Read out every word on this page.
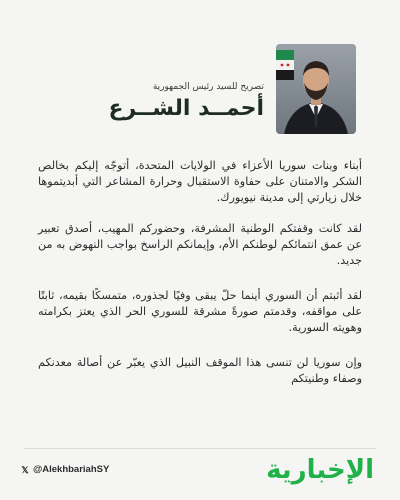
تصريح للسيد رئيس الجمهورية
أحمــد الشــرع

أبناء وبنات سوريا الأعزاء في الولايات المتحدة، أتوجّه إليكم بخالص الشكر والامتنان على حفاوة الاستقبال وحرارة المشاعر التي أبديتموها خلال زيارتي إلى مدينة نيويورك.

لقد كانت وقفتكم الوطنية المشرفة، وحضوركم المهيب، أصدق تعبير عن عمق انتمائكم لوطنكم الأم، وإيمانكم الراسخ بواجب النهوض به من جديد.

لقد أثبتم أن السوري أينما حلّ يبقى وفيًا لجذوره، متمسكًا بقيمه، ثابتًا على مواقفه، وقدمتم صورةً مشرقة للسوري الحر الذي يعتز بكرامته وهويته السورية.

وإن سوريا لن تنسى هذا الموقف النبيل الذي يعبّر عن أصالة معدنكم وصفاء وطنيتكم

𝕏 @AlekhbariahSY	الإخبارية
